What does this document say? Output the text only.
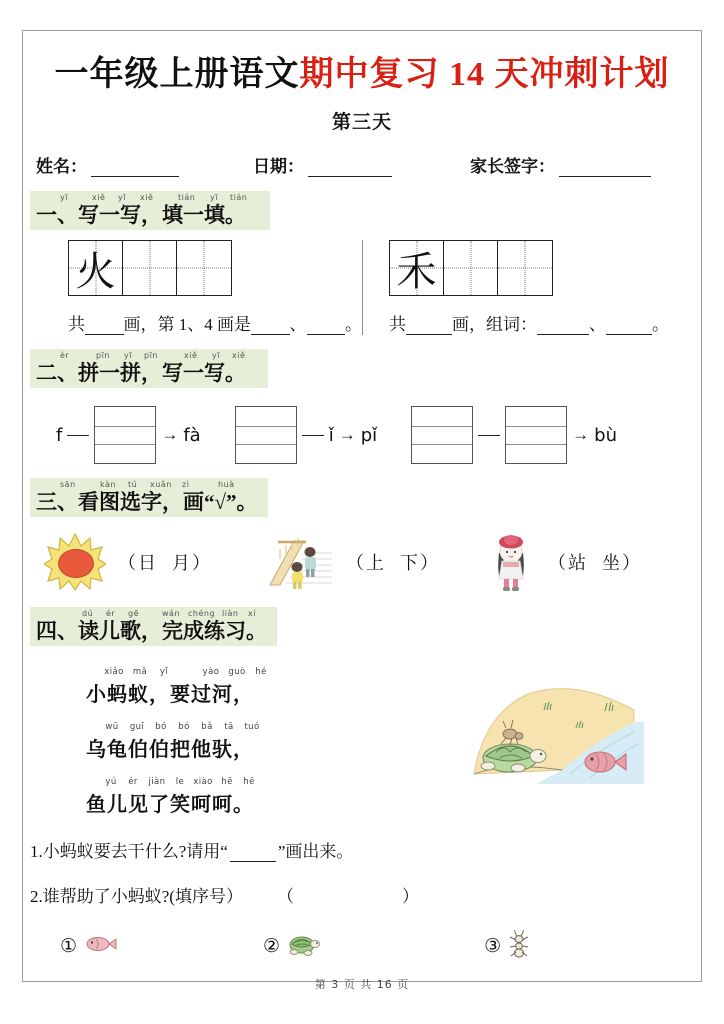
一年级上册语文 期中复习 14 天冲刺计划
第三天
姓名：	日期：	家长签字：
yī	xiě yī xiě	tián yī tián
一、写一写，填一填。
火
共 画，第 1、4 画是 、 。
禾
共	画，组词：	、	。
èr	pīn yī pīn	xiě yī xiě
二、拼一拼，写一写。
f	→ fà	ǐ → pǐ	→ bù
sān	kàn tú xuǎn zì	huà
三、看图选字，画“√”。
（日 月）	（上 下）	（站 坐）
dú ér gē	wán chéng liàn xí
四、读儿歌，完成练习。
xiǎo mǎ yǐ	yào guò hé
小蚂蚁，要过河，
wū guī bó bó bǎ tā tuó
乌龟伯伯把他驮，
yú ér jiàn le xiào hē hē
鱼儿见了笑呵呵。
1. 小蚂蚁要去干什么?请用“	”画出来。
2. 谁帮助了小蚂蚁?(填序号） （	）
①	②	③
第 3 页 共 16 页
